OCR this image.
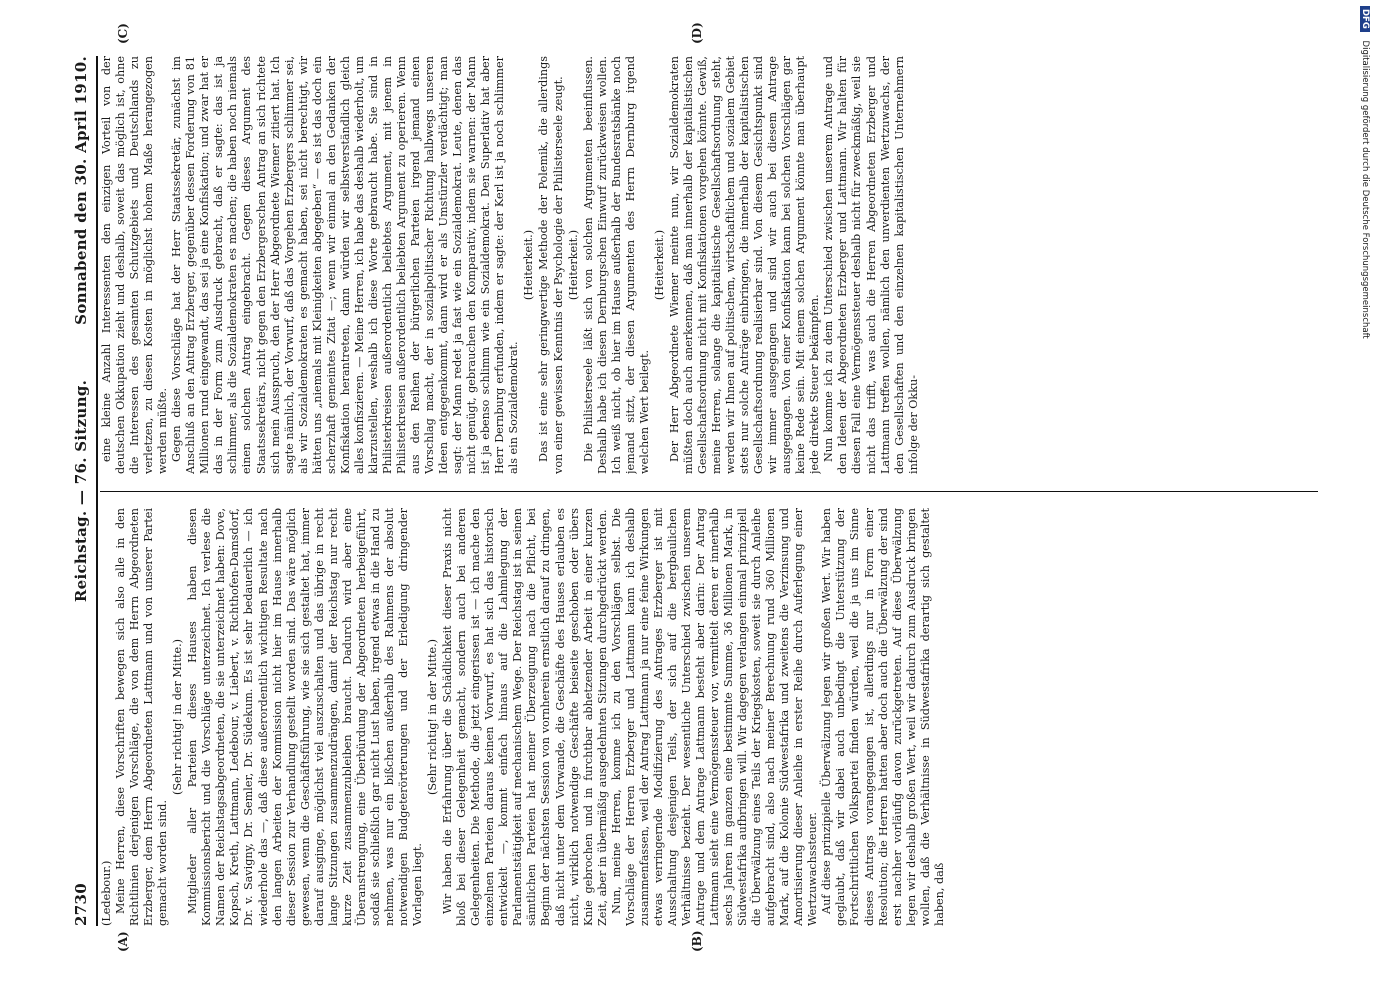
2730
Reichstag. — 76. Sitzung.
Sonnabend den 30. April 1910.
(A)	(B)
(C)	(D)

(Ledebour.) Meine Herren, diese Vorschriften bewegen sich also alle in den Richtlinien derjenigen Vorschläge, die von dem Herrn Abgeordneten Erzberger, dem Herrn Abgeordneten Lattmann und von unserer Partei gemacht worden sind.

(Sehr richtig! in der Mitte.) Mitglieder aller Parteien dieses Hauses haben diesen Kommissionsbericht und die Vorschläge unterzeichnet. Ich verlese die Namen der Reichstagsabgeordneten, die sie unterzeichnet haben: Dove, Kopsch, Kreth, Lattmann, Ledebour, v. Liebert, v. Richthofen-Damsdorf, Dr. v. Savigny, Dr. Semler, Dr. Südekum. Es ist sehr bedauerlich — ich wiederhole das —, daß diese außerordentlich wichtigen Resultate nach den langen Arbeiten der Kommission nicht hier im Hause innerhalb dieser Session zur Verhandlung gestellt worden sind. Das wäre möglich gewesen, wenn die Geschäftsführung, wie sie sich gestaltet hat, immer darauf ausginge, möglichst viel auszuschalten und das übrige in recht lange Sitzungen zusammenzudrängen, damit der Reichstag nur recht kurze Zeit zusammenzubleiben braucht. Dadurch wird aber eine Überanstrengung, eine Überbürdung der Abgeordneten herbeigeführt, sodaß sie schließlich gar nicht Lust haben, irgend etwas in die Hand zu nehmen, was nur ein bißchen außerhalb des Rahmens der absolut notwendigen Budgeterörterungen und der Erledigung dringender Vorlagen liegt.

(Sehr richtig! in der Mitte.) Wir haben die Erfahrung über die Schädlichkeit dieser Praxis nicht bloß bei dieser Gelegenheit gemacht, sondern auch bei anderen Gelegenheiten. Die Methode, die jetzt eingerissen ist — ich mache den einzelnen Parteien daraus keinen Vorwurf, es hat sich das historisch entwickelt —, kommt einfach hinaus auf die Lahmlegung der Parlamentstätigkeit auf mechanischem Wege. Der Reichstag ist in seinen sämtlichen Parteien hat meiner Überzeugung nach die Pflicht, bei Beginn der nächsten Session von vornherein ernstlich darauf zu dringen, daß nicht unter dem Vorwande, die Geschäfte des Hauses erlauben es nicht, wirklich notwendige Geschäfte beiseite geschoben oder übers Knie gebrochen und in furchtbar abhetzender Arbeit in einer kurzen Zeit, aber in übermäßig ausgedehnten Sitzungen durchgedrückt werden. Nun, meine Herren, komme ich zu den Vorschlägen selbst. Die Vorschläge der Herren Erzberger und Lattmann kann ich deshalb zusammenfassen, weil der Antrag Lattmann ja nur eine feine Wirkungen etwas verringernde Modifizierung des Antrages Erzberger ist mit Ausschaltung desjenigen Teils, der sich auf die bergbaulichen Verhältnisse bezieht. Der wesentliche Unterschied zwischen unserem Antrage und dem Antrage Lattmann besteht aber darin: Der Antrag Lattmann sieht eine Vermögenssteuer vor, vermittelt deren er innerhalb sechs Jahren im ganzen eine bestimmte Summe, 36 Millionen Mark, in Südwestafrika aufbringen will. Wir dagegen verlangen einmal prinzipiell die Überwälzung eines Teils der Kriegskosten, soweit sie durch Anleihe aufgebracht sind, also nach meiner Berechnung rund 360 Millionen Mark, auf die Kolonie Südwestafrika und zweitens die Verzinsung und Amortisierung dieser Anleihe in erster Reihe durch Auferlegung einer Wertzuwachssteuer. Auf diese prinzipielle Überwälzung legen wir großen Wert. Wir haben geglaubt, daß wir dabei auch unbedingt die Unterstützung der Fortschrittlichen Volkspartei finden würden, weil die ja uns im Sinne dieses Antrags vorangegangen ist, allerdings nur in Form einer Resolution; die Herren hatten aber doch auch die Überwälzung der sind erst nachher vorläufig davon zurückgetreten. Auf diese Überwälzung legen wir deshalb großen Wert, weil wir dadurch zum Ausdruck bringen wollen, daß die Verhältnisse in Südwestafrika derartig sich gestaltet haben, daß

eine kleine Anzahl Interessenten den einzigen Vorteil von der deutschen Okkupation zieht und deshalb, soweit das möglich ist, ohne die Interessen des gesamten Schutzgebiets und Deutschlands zu verletzen, zu diesen Kosten in möglichst hohem Maße herangezogen werden müßte. Gegen diese Vorschläge hat der Herr Staatssekretär, zunächst im Anschluß an den Antrag Erzberger, gegenüber dessen Forderung von 81 Millionen rund eingewandt, das sei ja eine Konfiskation; und zwar hat er das in der Form zum Ausdruck gebracht, daß er sagte: das ist ja schlimmer, als die Sozialdemokraten es machen; die haben noch niemals einen solchen Antrag eingebracht. Gegen dieses Argument des Staatssekretärs, nicht gegen den Erzbergerschen Antrag an sich richtete sich mein Ausspruch, den der Herr Abgeordnete Wiemer zitiert hat. Ich sagte nämlich, der Vorwurf, daß das Vorgehen Erzbergers schlimmer sei, als wir Sozialdemokraten es gemacht haben, sei nicht berechtigt, wir hätten uns „niemals mit Kleinigkeiten abgegeben“ — es ist das doch ein scherzhaft gemeintes Zitat —; wenn wir einmal an den Gedanken der Konfiskation herantreten, dann würden wir selbstverständlich gleich alles konfiszieren. — Meine Herren, ich habe das deshalb wiederholt, um klarzustellen, weshalb ich diese Worte gebraucht habe. Sie sind in Philisterkreisen außerordentlich beliebtes Argument, mit jenem in Philisterkreisen außerordentlich beliebten Argument zu operieren. Wenn aus den Reihen der bürgerlichen Parteien irgend jemand einen Vorschlag macht, der in sozialpolitischer Richtung halbwegs unseren Ideen entgegenkommt, dann wird er als Umstürzler verdächtigt; man sagt: der Mann redet ja fast wie ein Sozialdemokrat. Leute, denen das nicht genügt, gebrauchen den Komparativ, indem sie warnen: der Mann ist ja ebenso schlimm wie ein Sozialdemokrat. Den Superlativ hat aber Herr Dernburg erfunden, indem er sagte: der Kerl ist ja noch schlimmer als ein Sozialdemokrat.

(Heiterkeit.) Das ist eine sehr geringwertige Methode der Polemik, die allerdings von einer gewissen Kenntnis der Psychologie der Philisterseele zeugt. (Heiterkeit.) Die Philisterseele läßt sich von solchen Argumenten beeinflussen. Deshalb habe ich diesen Dernburgschen Einwurf zurückweisen wollen. Ich weiß nicht, ob hier im Hause außerhalb der Bundesratsbänke noch jemand sitzt, der diesen Argumenten des Herrn Dernburg irgend welchen Wert beilegt.

(Heiterkeit.) Der Herr Abgeordnete Wiemer meinte nun, wir Sozialdemokraten müßten doch auch anerkennen, daß man innerhalb der kapitalistischen Gesellschaftsordnung nicht mit Konfiskationen vorgehen könnte. Gewiß, meine Herren, solange die kapitalistische Gesellschaftsordnung steht, werden wir Ihnen auf politischem, wirtschaftlichem und sozialem Gebiet stets nur solche Anträge einbringen, die innerhalb der kapitalistischen Gesellschaftsordnung realisierbar sind. Von diesem Gesichtspunkt sind wir immer ausgegangen und sind wir auch bei diesem Antrage ausgegangen. Von einer Konfiskation kann bei solchen Vorschlägen gar keine Rede sein. Mit einem solchen Argument könnte man überhaupt jede direkte Steuer bekämpfen. Nun komme ich zu dem Unterschied zwischen unserem Antrage und den Ideen der Abgeordneten Erzberger und Lattmann. Wir halten für diesen Fall eine Vermögenssteuer deshalb nicht für zweckmäßig, weil sie nicht das trifft, was auch die Herren Abgeordneten Erzberger und Lattmann treffen wollen, nämlich den unverdienten Wertzuwachs, der den Gesellschaften und den einzelnen kapitalistischen Unternehmern infolge der Okku-

DFG Digitalisierung gefördert durch die Deutsche Forschungsgemeinschaft
